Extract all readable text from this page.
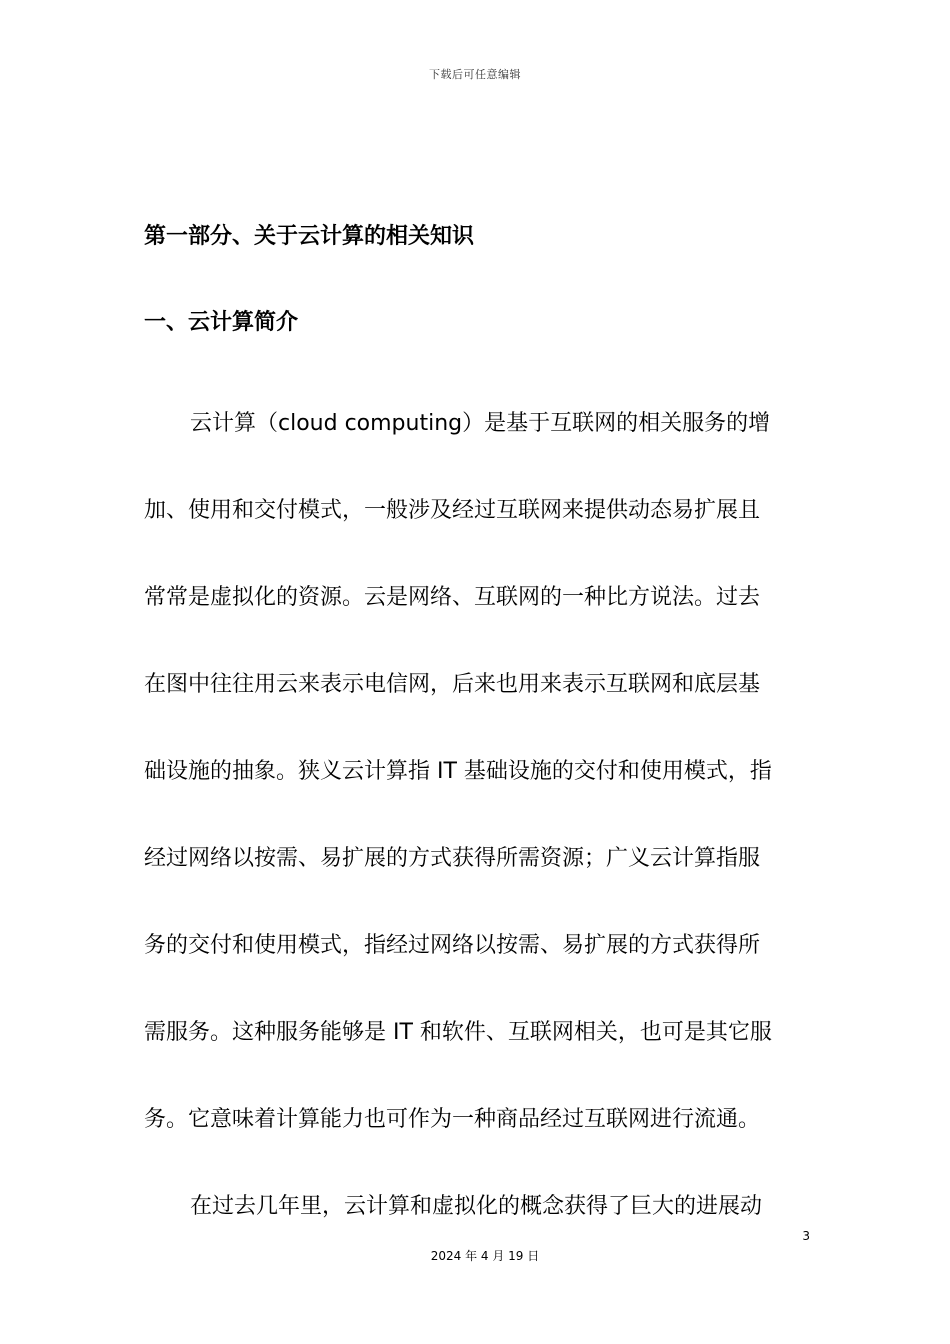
下载后可任意编辑

第一部分、关于云计算的相关知识

一、云计算简介

云计算（cloud computing）是基于互联网的相关服务的增

加、使用和交付模式，一般涉及经过互联网来提供动态易扩展且

常常是虚拟化的资源。云是网络、互联网的一种比方说法。过去

在图中往往用云来表示电信网，后来也用来表示互联网和底层基

础设施的抽象。狭义云计算指 IT 基础设施的交付和使用模式，指

经过网络以按需、易扩展的方式获得所需资源；广义云计算指服

务的交付和使用模式，指经过网络以按需、易扩展的方式获得所

需服务。这种服务能够是 IT 和软件、互联网相关，也可是其它服

务。它意味着计算能力也可作为一种商品经过互联网进行流通。

在过去几年里，云计算和虚拟化的概念获得了巨大的进展动

3
2024 年 4 月 19 日
